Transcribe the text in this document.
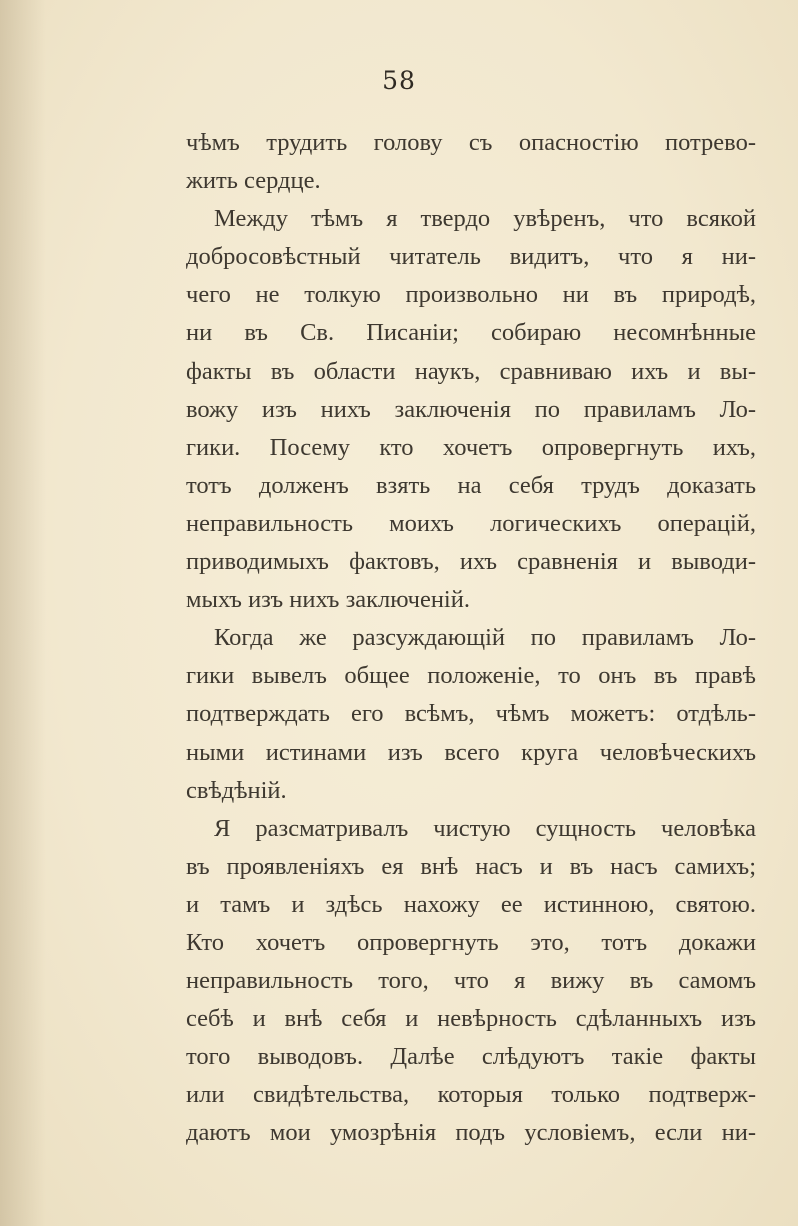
58
чѣмъ трудить голову съ опасностію потрево-
жить сердце.
Между тѣмъ я твердо увѣренъ, что всякой
добросовѣстный читатель видитъ, что я ни-
чего не толкую произвольно ни въ природѣ,
ни въ Св. Писаніи; собираю несомнѣнные
факты въ области наукъ, сравниваю ихъ и вы-
вожу изъ нихъ заключенія по правиламъ Ло-
гики. Посему кто хочетъ опровергнуть ихъ,
тотъ долженъ взять на себя трудъ доказать
неправильность моихъ логическихъ операцій,
приводимыхъ фактовъ, ихъ сравненія и выводи-
мыхъ изъ нихъ заключеній.
Когда же разсуждающій по правиламъ Ло-
гики вывелъ общее положеніе, то онъ въ правѣ
подтверждать его всѣмъ, чѣмъ можетъ: отдѣль-
ными истинами изъ всего круга человѣческихъ
свѣдѣній.
Я разсматривалъ чистую сущность человѣка
въ проявленіяхъ ея внѣ насъ и въ насъ самихъ;
и тамъ и здѣсь нахожу ее истинною, святою.
Кто хочетъ опровергнуть это, тотъ докажи
неправильность того, что я вижу въ самомъ
себѣ и внѣ себя и невѣрность сдѣланныхъ изъ
того выводовъ. Далѣе слѣдуютъ такіе факты
или свидѣтельства, которыя только подтверж-
даютъ мои умозрѣнія подъ условіемъ, если ни-
